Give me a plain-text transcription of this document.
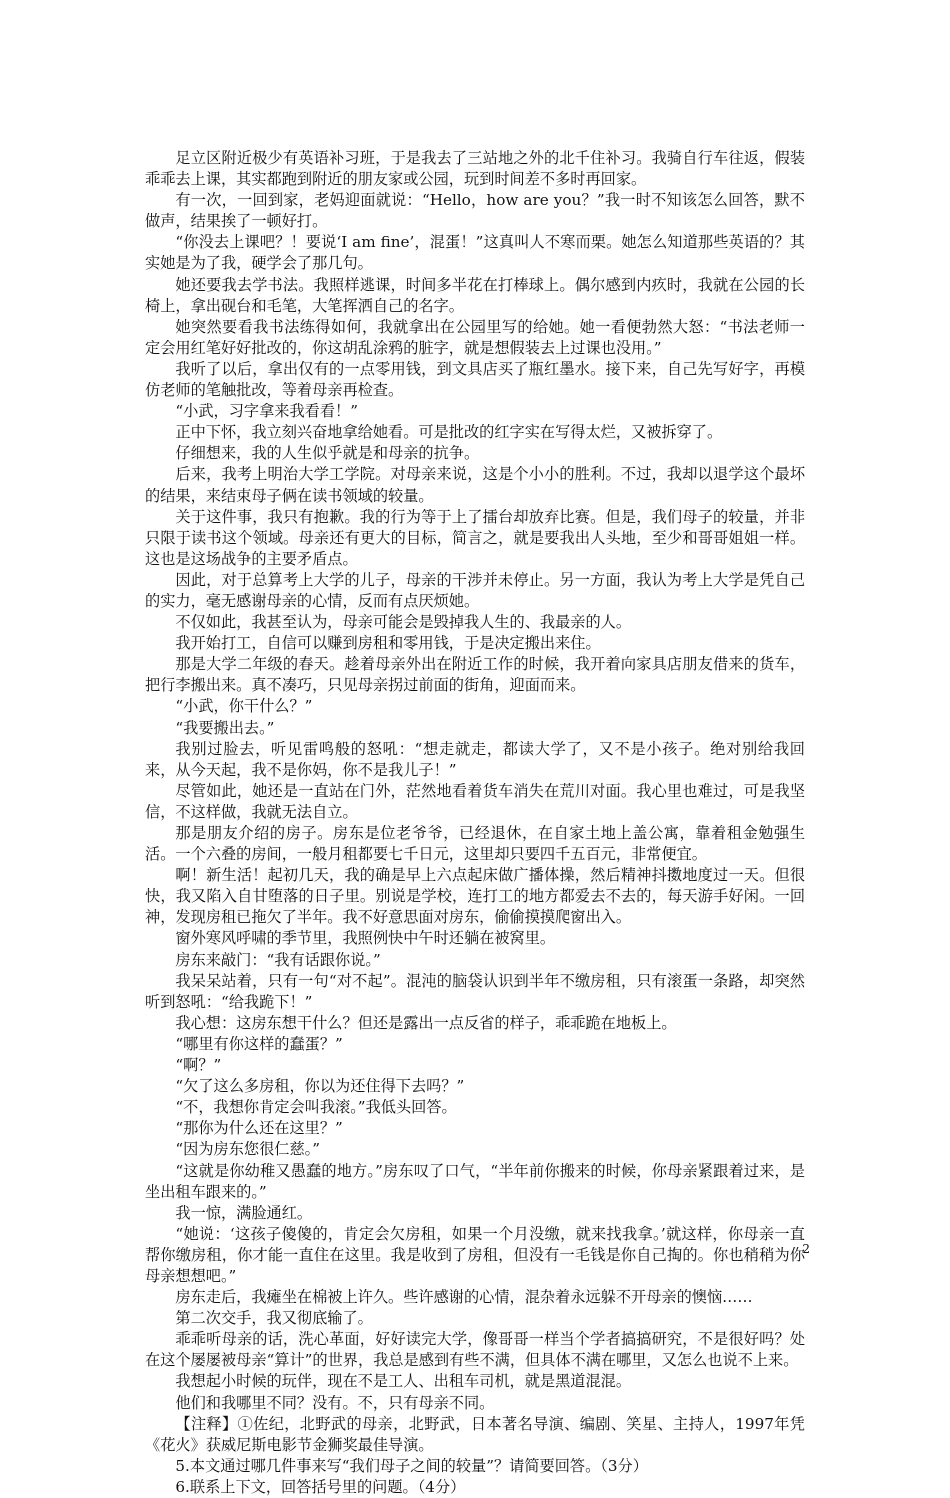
足立区附近极少有英语补习班，于是我去了三站地之外的北千住补习。我骑自行车往返，假装乖乖去上课，其实都跑到附近的朋友家或公园，玩到时间差不多时再回家。

有一次，一回到家，老妈迎面就说：“Hello，how are you？”我一时不知该怎么回答，默不做声，结果挨了一顿好打。

“你没去上课吧？！要说‘I am fine’，混蛋！”这真叫人不寒而栗。她怎么知道那些英语的？其实她是为了我，硬学会了那几句。

她还要我去学书法。我照样逃课，时间多半花在打棒球上。偶尔感到内疚时，我就在公园的长椅上，拿出砚台和毛笔，大笔挥洒自己的名字。

她突然要看我书法练得如何，我就拿出在公园里写的给她。她一看便勃然大怒：“书法老师一定会用红笔好好批改的，你这胡乱涂鸦的脏字，就是想假装去上过课也没用。”

我听了以后，拿出仅有的一点零用钱，到文具店买了瓶红墨水。接下来，自己先写好字，再模仿老师的笔触批改，等着母亲再检查。

“小武，习字拿来我看看！”

正中下怀，我立刻兴奋地拿给她看。可是批改的红字实在写得太烂，又被拆穿了。

仔细想来，我的人生似乎就是和母亲的抗争。

后来，我考上明治大学工学院。对母亲来说，这是个小小的胜利。不过，我却以退学这个最坏的结果，来结束母子俩在读书领域的较量。

关于这件事，我只有抱歉。我的行为等于上了擂台却放弃比赛。但是，我们母子的较量，并非只限于读书这个领域。母亲还有更大的目标，简言之，就是要我出人头地，至少和哥哥姐姐一样。这也是这场战争的主要矛盾点。

因此，对于总算考上大学的儿子，母亲的干涉并未停止。另一方面，我认为考上大学是凭自己的实力，毫无感谢母亲的心情，反而有点厌烦她。

不仅如此，我甚至认为，母亲可能会是毁掉我人生的、我最亲的人。

我开始打工，自信可以赚到房租和零用钱，于是决定搬出来住。

那是大学二年级的春天。趁着母亲外出在附近工作的时候，我开着向家具店朋友借来的货车，把行李搬出来。真不凑巧，只见母亲拐过前面的街角，迎面而来。

“小武，你干什么？”

“我要搬出去。”

我别过脸去，听见雷鸣般的怒吼：“想走就走，都读大学了，又不是小孩子。绝对别给我回来，从今天起，我不是你妈，你不是我儿子！”

尽管如此，她还是一直站在门外，茫然地看着货车消失在荒川对面。我心里也难过，可是我坚信，不这样做，我就无法自立。

那是朋友介绍的房子。房东是位老爷爷，已经退休，在自家土地上盖公寓，靠着租金勉强生活。一个六叠的房间，一般月租都要七千日元，这里却只要四千五百元，非常便宜。

啊！新生活！起初几天，我的确是早上六点起床做广播体操，然后精神抖擞地度过一天。但很快，我又陷入自甘堕落的日子里。别说是学校，连打工的地方都爱去不去的，每天游手好闲。一回神，发现房租已拖欠了半年。我不好意思面对房东，偷偷摸摸爬窗出入。

窗外寒风呼啸的季节里，我照例快中午时还躺在被窝里。

房东来敲门：“我有话跟你说。”

我呆呆站着，只有一句“对不起”。混沌的脑袋认识到半年不缴房租，只有滚蛋一条路，却突然听到怒吼：“给我跪下！”

我心想：这房东想干什么？但还是露出一点反省的样子，乖乖跪在地板上。

“哪里有你这样的蠢蛋？”

“啊？”

“欠了这么多房租，你以为还住得下去吗？”

“不，我想你肯定会叫我滚。”我低头回答。

“那你为什么还在这里？”

“因为房东您很仁慈。”

“这就是你幼稚又愚蠢的地方。”房东叹了口气，“半年前你搬来的时候，你母亲紧跟着过来，是坐出租车跟来的。”

我一惊，满脸通红。

“她说：‘这孩子傻傻的，肯定会欠房租，如果一个月没缴，就来找我拿。’就这样，你母亲一直帮你缴房租，你才能一直住在这里。我是收到了房租，但没有一毛钱是你自己掏的。你也稍稍为你母亲想想吧。”

房东走后，我瘫坐在棉被上许久。些许感谢的心情，混杂着永远躲不开母亲的懊恼……

第二次交手，我又彻底输了。

乖乖听母亲的话，洗心革面，好好读完大学，像哥哥一样当个学者搞搞研究，不是很好吗？处在这个屡屡被母亲“算计”的世界，我总是感到有些不满，但具体不满在哪里，又怎么也说不上来。

我想起小时候的玩伴，现在不是工人、出租车司机，就是黑道混混。

他们和我哪里不同？没有。不，只有母亲不同。

【注释】①佐纪，北野武的母亲，北野武，日本著名导演、编剧、笑星、主持人，1997年凭《花火》获威尼斯电影节金狮奖最佳导演。

5.本文通过哪几件事来写“我们母子之间的较量”？请简要回答。（3分）

6.联系上下文，回答括号里的问题。（4分）

2
